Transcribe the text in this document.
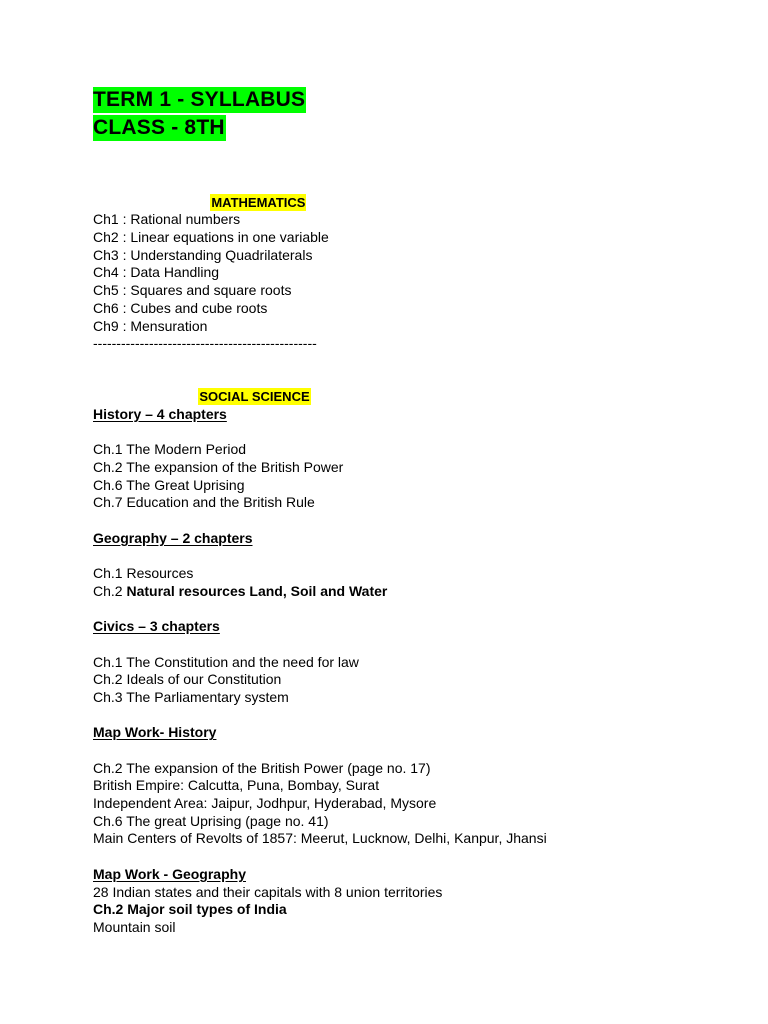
TERM 1 - SYLLABUS
CLASS - 8TH

MATHEMATICS

Ch1 : Rational numbers
Ch2 : Linear equations in one variable
Ch3 : Understanding Quadrilaterals
Ch4 : Data Handling
Ch5 : Squares and square roots
Ch6 : Cubes and cube roots
Ch9 : Mensuration
------------------------------------------------

SOCIAL SCIENCE

History – 4 chapters
Ch.1 The Modern Period
Ch.2 The expansion of the British Power
Ch.6 The Great Uprising
Ch.7 Education and the British Rule
Geography – 2 chapters
Ch.1 Resources
Ch.2 Natural resources Land, Soil and Water
Civics – 3 chapters
Ch.1 The Constitution and the need for law
Ch.2 Ideals of our Constitution
Ch.3 The Parliamentary system
Map Work- History
Ch.2 The expansion of the British Power (page no. 17)
British Empire: Calcutta, Puna, Bombay, Surat
Independent Area: Jaipur, Jodhpur, Hyderabad, Mysore
Ch.6 The great Uprising (page no. 41)
Main Centers of Revolts of 1857: Meerut, Lucknow, Delhi, Kanpur, Jhansi
Map Work - Geography
28 Indian states and their capitals with 8 union territories
Ch.2 Major soil types of India
Mountain soil
